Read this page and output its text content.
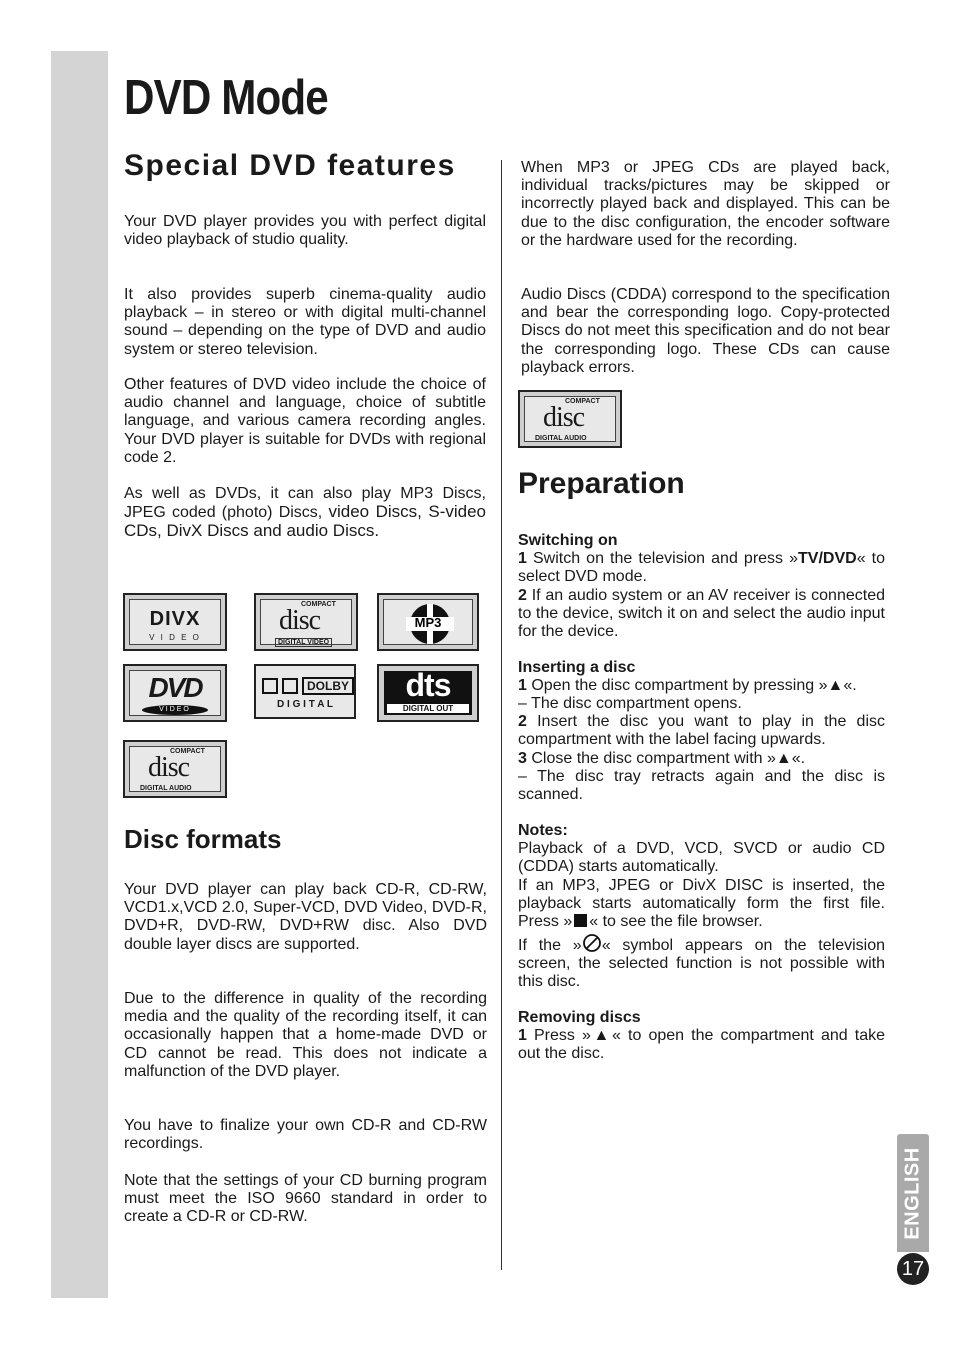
DVD Mode
Special DVD features

Your DVD player provides you with perfect digital video playback of studio quality.

It also provides superb cinema-quality audio playback – in stereo or with digital multi-channel sound – depending on the type of DVD and audio system or stereo television.

Other features of DVD video include the choice of audio channel and language, choice of subtitle language, and various camera recording angles. Your DVD player is suitable for DVDs with regional code 2.

As well as DVDs, it can also play MP3 Discs, JPEG coded (photo) Discs, video Discs, S-video CDs, DivX Discs and audio Discs.

DIVX
V I D E O
COMPACT
disc
DIGITAL VIDEO
MP3
DVD
VIDEO
DOLBY
D I G I T A L
dts
DIGITAL OUT
COMPACT
disc
DIGITAL AUDIO
Disc formats

Your DVD player can play back CD-R, CD-RW, VCD1.x,VCD 2.0, Super-VCD, DVD Video, DVD-R, DVD+R, DVD-RW, DVD+RW disc. Also DVD double layer discs are supported.

Due to the difference in quality of the recording media and the quality of the recording itself, it can occasionally happen that a home-made DVD or CD cannot be read. This does not indicate a malfunction of the DVD player.

You have to finalize your own CD-R and CD-RW recordings.

Note that the settings of your CD burning program must meet the ISO 9660 standard in order to create a CD-R or CD-RW.

When MP3 or JPEG CDs are played back, individual tracks/pictures may be skipped or incorrectly played back and displayed. This can be due to the disc configuration, the encoder software or the hardware used for the recording.

Audio Discs (CDDA) correspond to the specification and bear the corresponding logo. Copy-protected Discs do not meet this specification and do not bear the corresponding logo. These CDs can cause playback errors.

COMPACT
disc
DIGITAL AUDIO
Preparation
Switching on

1 Switch on the television and press »TV/DVD« to select DVD mode.

2 If an audio system or an AV receiver is connected to the device, switch it on and select the audio input for the device.

Inserting a disc

1 Open the disc compartment by pressing »▲«.

– The disc compartment opens.

2 Insert the disc you want to play in the disc compartment with the label facing upwards.

3 Close the disc compartment with »▲«.

– The disc tray retracts again and the disc is scanned.

Notes:

Playback of a DVD, VCD, SVCD or audio CD (CDDA) starts automatically.

If an MP3, JPEG or DivX DISC is inserted, the playback starts automatically form the first file. Press » « to see the file browser.

If the » « symbol appears on the television screen, the selected function is not possible with this disc.

Removing discs

1 Press »▲« to open the compartment and take out the disc.

ENGLISH
17
